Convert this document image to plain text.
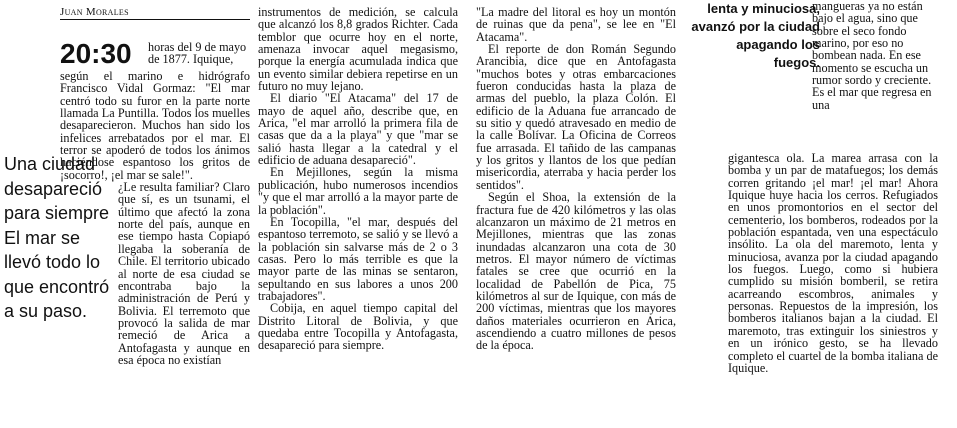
Juan Morales
20:30 horas del 9 de mayo de 1877. Iquique,
Una ciudad desapareció para siempre El mar se llevó todo lo que encontró a su paso.

según el marino e hidrógrafo Francisco Vidal Gormaz: "El mar centró todo su furor en la parte norte llamada La Puntilla. Todos los muelles desaparecieron. Muchos han sido los infelices arrebatados por el mar. El terror se apoderó de todos los ánimos haciéndose espantoso los gritos de ¡socorro!, ¡el mar se sale!".

¿Le resulta familiar? Claro que sí, es un tsunami, el último que afectó la zona norte del país, aunque en ese tiempo hasta Copiapó llegaba la soberanía de Chile. El territorio ubicado al norte de esa ciudad se encontraba bajo la administración de Perú y Bolivia. El terremoto que provocó la salida de mar remeció de Arica a Antofagasta y aunque en esa época no existían

instrumentos de medición, se calcula que alcanzó los 8,8 grados Richter. Cada temblor que ocurre hoy en el norte, amenaza invocar aquel megasismo, porque la energía acumulada indica que un evento similar debiera repetirse en un futuro no muy lejano.

El diario "El Atacama" del 17 de mayo de aquel año, describe que, en Arica, "el mar arrolló la primera fila de casas que da a la playa" y que "mar se salió hasta llegar a la catedral y el edificio de aduana desapareció".

En Mejillones, según la misma publicación, hubo numerosos incendios "y que el mar arrolló a la mayor parte de la población".

En Tocopilla, "el mar, después del espantoso terremoto, se salió y se llevó a la población sin salvarse más de 2 o 3 casas. Pero lo más terrible es que la mayor parte de las minas se sentaron, sepultando en sus labores a unos 200 trabajadores".

Cobija, en aquel tiempo capital del Distrito Litoral de Bolivia, y que quedaba entre Tocopilla y Antofagasta, desapareció para siempre.

"La madre del litoral es hoy un montón de ruinas que da pena", se lee en "El Atacama".

El reporte de don Román Segundo Arancibia, dice que en Antofagasta "muchos botes y otras embarcaciones fueron conducidas hasta la plaza de armas del pueblo, la plaza Colón. El edificio de la Aduana fue arrancado de su sitio y quedó atravesado en medio de la calle Bolívar. La Oficina de Correos fue arrasada. El tañido de las campanas y los gritos y llantos de los que pedían misericordia, aterraba y hacia perder los sentidos".

Según el Shoa, la extensión de la fractura fue de 420 kilómetros y las olas alcanzaron un máximo de 21 metros en Mejillones, mientras que las zonas inundadas alcanzaron una cota de 30 metros. El mayor número de víctimas fatales se cree que ocurrió en la localidad de Pabellón de Pica, 75 kilómetros al sur de Iquique, con más de 200 víctimas, mientras que los mayores daños materiales ocurrieron en Arica, ascendiendo a cuatro millones de pesos de la época.

lenta y minuciosa, avanzó por la ciudad apagando los fuegos.
mangueras ya no están bajo el agua, sino que sobre el seco fondo marino, por eso no bombean nada. En ese momento se escucha un rumor sordo y creciente. Es el mar que regresa en una

gigantesca ola. La marea arrasa con la bomba y un par de matafuegos; los demás corren gritando ¡el mar! ¡el mar! Ahora Iquique huye hacia los cerros. Refugiados en unos promontorios en el sector del cementerio, los bomberos, rodeados por la población espantada, ven una espectáculo insólito. La ola del maremoto, lenta y minuciosa, avanza por la ciudad apagando los fuegos. Luego, como si hubiera cumplido su misión bomberil, se retira acarreando escombros, animales y personas. Repuestos de la impresión, los bomberos italianos bajan a la ciudad. El maremoto, tras extinguir los siniestros y en un irónico gesto, se ha llevado completo el cuartel de la bomba italiana de Iquique.
